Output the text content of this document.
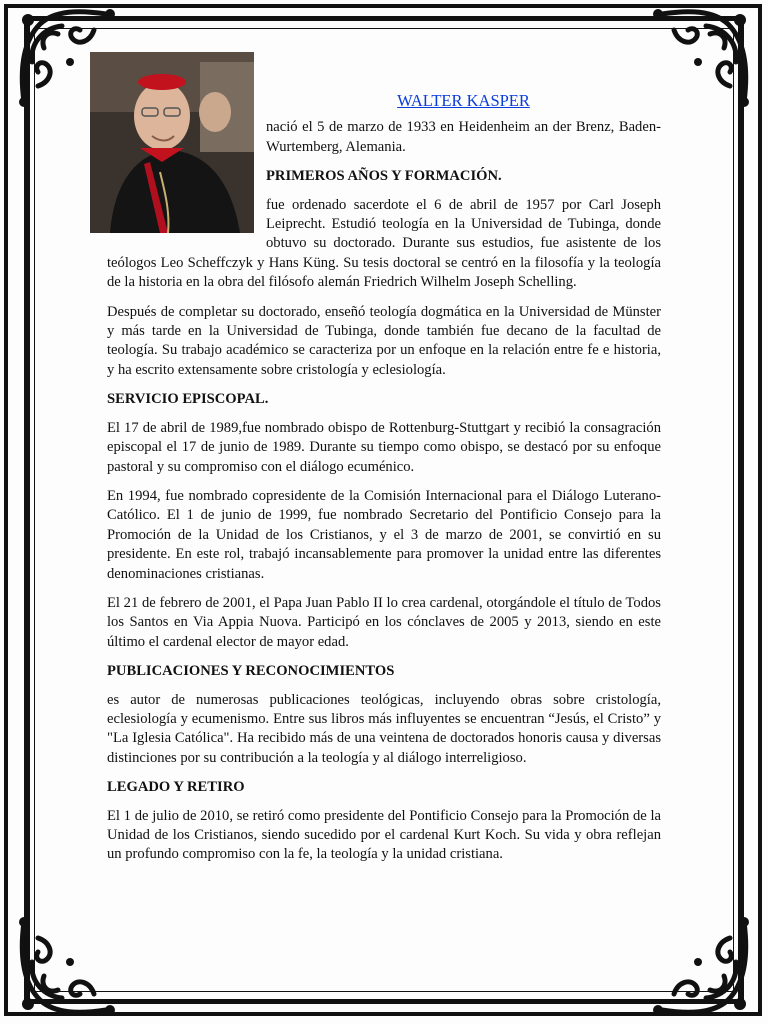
WALTER KASPER

nació el 5 de marzo de 1933 en Heidenheim an der Brenz, Baden-Wurtemberg, Alemania.

PRIMEROS AÑOS Y FORMACIÓN.

fue ordenado sacerdote el 6 de abril de 1957 por Carl Joseph Leiprecht. Estudió teología en la Universidad de Tubinga, donde obtuvo su doctorado. Durante sus estudios, fue asistente de los teólogos Leo Scheffczyk y Hans Küng. Su tesis doctoral se centró en la filosofía y la teología de la historia en la obra del filósofo alemán Friedrich Wilhelm Joseph Schelling.

Después de completar su doctorado, enseñó teología dogmática en la Universidad de Münster y más tarde en la Universidad de Tubinga, donde también fue decano de la facultad de teología. Su trabajo académico se caracteriza por un enfoque en la relación entre fe e historia, y ha escrito extensamente sobre cristología y eclesiología.

SERVICIO EPISCOPAL.

El 17 de abril de 1989,fue nombrado obispo de Rottenburg-Stuttgart y recibió la consagración episcopal el 17 de junio de 1989. Durante su tiempo como obispo, se destacó por su enfoque pastoral y su compromiso con el diálogo ecuménico.

En 1994, fue nombrado copresidente de la Comisión Internacional para el Diálogo Luterano-Católico. El 1 de junio de 1999, fue nombrado Secretario del Pontificio Consejo para la Promoción de la Unidad de los Cristianos, y el 3 de marzo de 2001, se convirtió en su presidente. En este rol, trabajó incansablemente para promover la unidad entre las diferentes denominaciones cristianas.

El 21 de febrero de 2001, el Papa Juan Pablo II lo crea cardenal, otorgándole el título de Todos los Santos en Via Appia Nuova. Participó en los cónclaves de 2005 y 2013, siendo en este último el cardenal elector de mayor edad.

PUBLICACIONES Y RECONOCIMIENTOS

es autor de numerosas publicaciones teológicas, incluyendo obras sobre cristología, eclesiología y ecumenismo. Entre sus libros más influyentes se encuentran “Jesús, el Cristo” y "La Iglesia Católica". Ha recibido más de una veintena de doctorados honoris causa y diversas distinciones por su contribución a la teología y al diálogo interreligioso.

LEGADO Y RETIRO

El 1 de julio de 2010, se retiró como presidente del Pontificio Consejo para la Promoción de la Unidad de los Cristianos, siendo sucedido por el cardenal Kurt Koch. Su vida y obra reflejan un profundo compromiso con la fe, la teología y la unidad cristiana.
